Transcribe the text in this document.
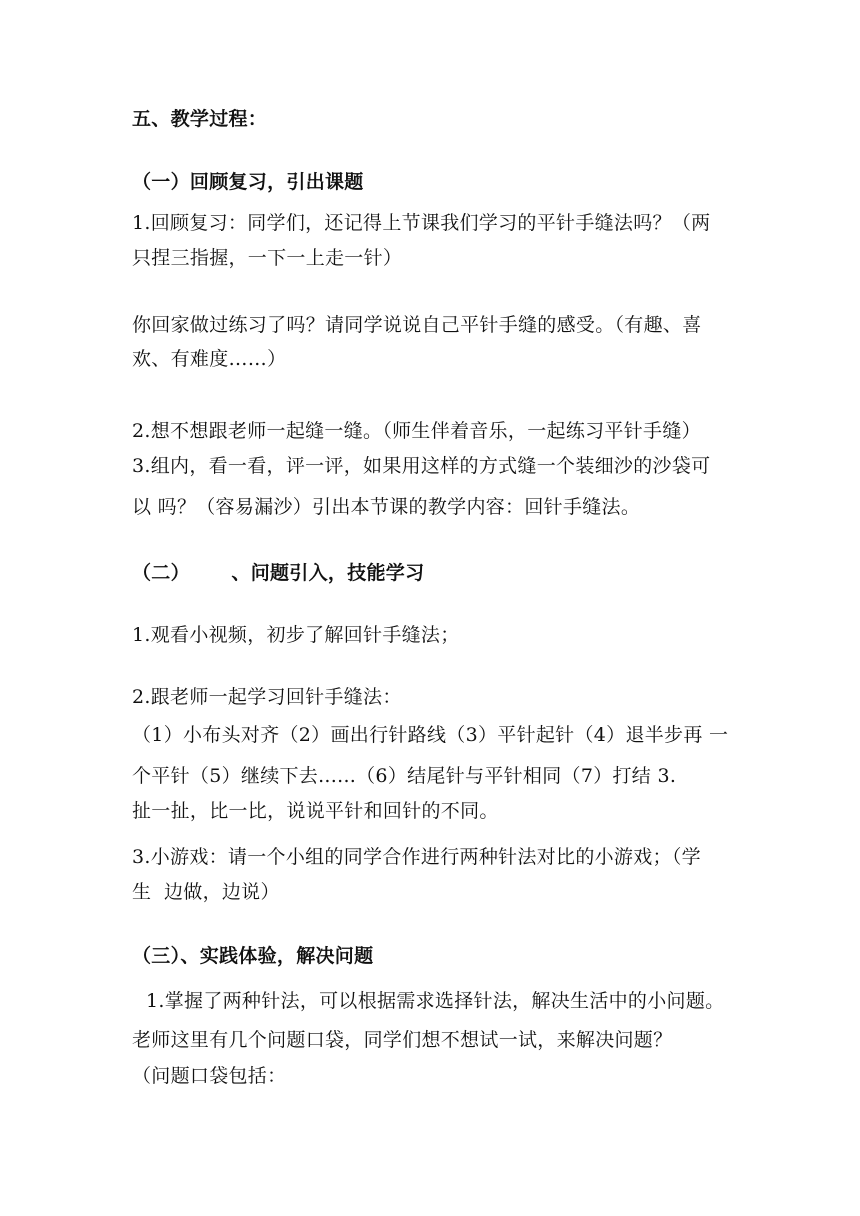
五、教学过程：
（一）回顾复习，引出课题
1.回顾复习：同学们，还记得上节课我们学习的平针手缝法吗？（两
只捏三指握，一下一上走一针）
你回家做过练习了吗？请同学说说自己平针手缝的感受。（有趣、喜
欢、有难度……）
2.想不想跟老师一起缝一缝。（师生伴着音乐，一起练习平针手缝）
3.组内，看一看，评一评，如果用这样的方式缝一个装细沙的沙袋可
以 吗？（容易漏沙）引出本节课的教学内容：回针手缝法。
（二）      、问题引入，技能学习
1.观看小视频，初步了解回针手缝法；
2.跟老师一起学习回针手缝法：
（1）小布头对齐（2）画出行针路线（3）平针起针（4）退半步再 一
个平针（5）继续下去......（6）结尾针与平针相同（7）打结 3.
扯一扯，比一比，说说平针和回针的不同。
3.小游戏：请一个小组的同学合作进行两种针法对比的小游戏；（学
生  边做，边说）
（三）、实践体验，解决问题
1.掌握了两种针法，可以根据需求选择针法，解决生活中的小问题。
老师这里有几个问题口袋，同学们想不想试一试，来解决问题？
（问题口袋包括：
